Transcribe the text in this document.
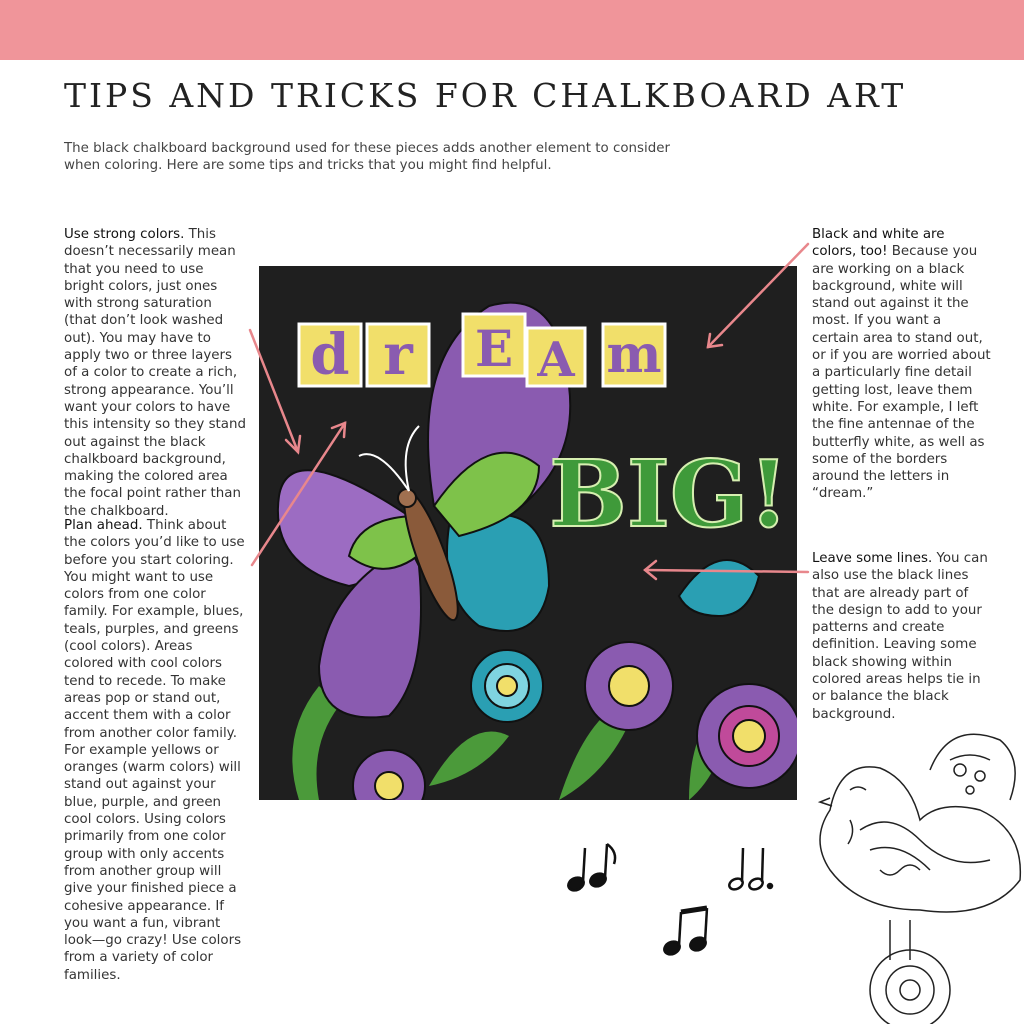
TIPS AND TRICKS FOR CHALKBOARD ART

The black chalkboard background used for these pieces adds another element to consider when coloring. Here are some tips and tricks that you might find helpful.

Use strong colors. This doesn’t necessarily mean that you need to use bright colors, just ones with strong saturation (that don’t look washed out). You may have to apply two or three layers of a color to create a rich, strong appearance. You’ll want your colors to have this intensity so they stand out against the black chalkboard background, making the colored area the focal point rather than the chalkboard.

Plan ahead. Think about the colors you’d like to use before you start coloring. You might want to use colors from one color family. For example, blues, teals, purples, and greens (cool colors). Areas colored with cool colors tend to recede. To make areas pop or stand out, accent them with a color from another color family. For example yellows or oranges (warm colors) will stand out against your blue, purple, and green cool colors. Using colors primarily from one color group with only accents from another group will give your finished piece a cohesive appearance. If you want a fun, vibrant look—go crazy! Use colors from a variety of color families.

Black and white are colors, too! Because you are working on a black background, white will stand out against it the most. If you want a certain area to stand out, or if you are worried about a particularly fine detail getting lost, leave them white. For example, I left the fine antennae of the butterfly white, as well as some of the borders around the letters in “dream.”

Leave some lines. You can also use the black lines that are already part of the design to add to your patterns and create definition. Leaving some black showing within colored areas helps tie in or balance the black background.

d r E A m
BIG!
